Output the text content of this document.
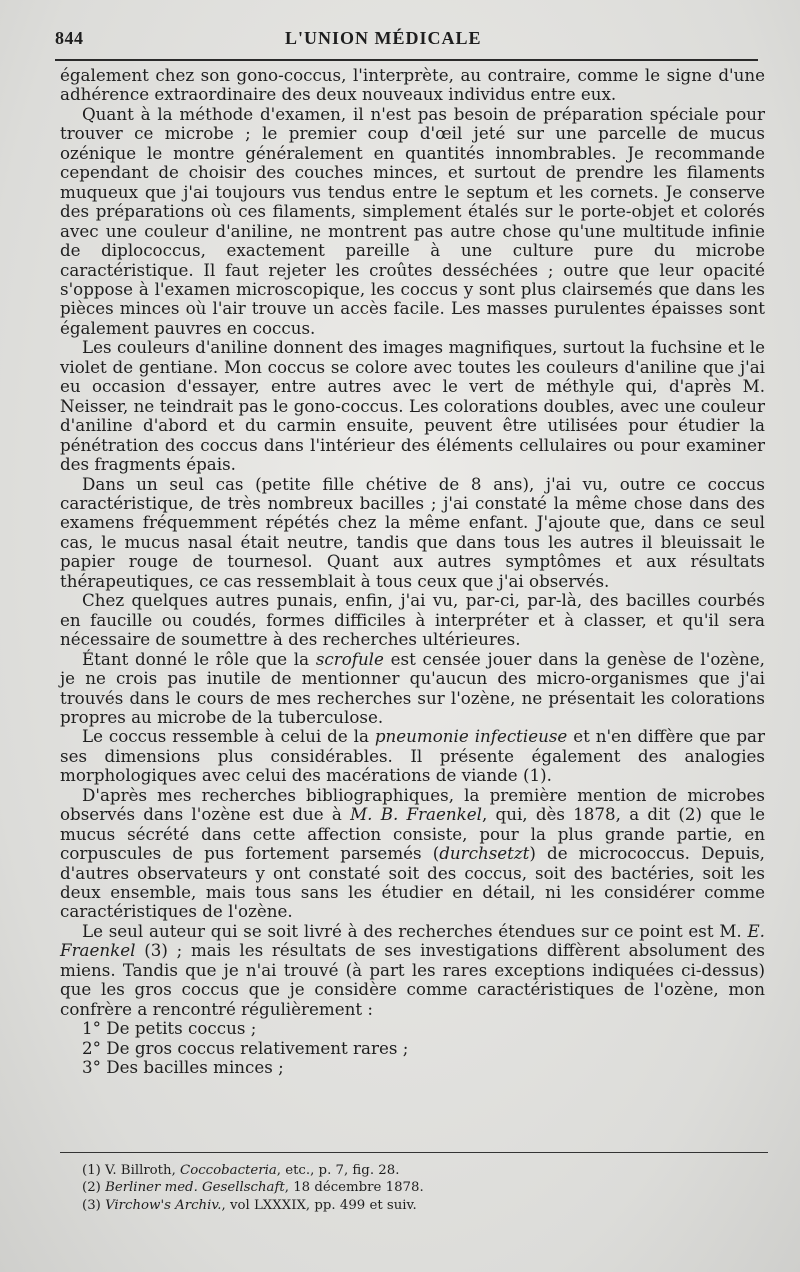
844	L'UNION MÉDICALE

également chez son gono-coccus, l'interprète, au contraire, comme le signe d'une adhérence extraordinaire des deux nouveaux individus entre eux.

Quant à la méthode d'examen, il n'est pas besoin de préparation spéciale pour trouver ce microbe ; le premier coup d'œil jeté sur une parcelle de mucus ozénique le montre généralement en quantités innombrables. Je recommande cependant de choisir des couches minces, et surtout de prendre les filaments muqueux que j'ai toujours vus tendus entre le septum et les cornets. Je conserve des préparations où ces filaments, simplement étalés sur le porte-objet et colorés avec une couleur d'aniline, ne montrent pas autre chose qu'une multitude infinie de diplococcus, exactement pareille à une culture pure du microbe caractéristique. Il faut rejeter les croûtes desséchées ; outre que leur opacité s'oppose à l'examen microscopique, les coccus y sont plus clairsemés que dans les pièces minces où l'air trouve un accès facile. Les masses purulentes épaisses sont également pauvres en coccus.

Les couleurs d'aniline donnent des images magnifiques, surtout la fuchsine et le violet de gentiane. Mon coccus se colore avec toutes les couleurs d'aniline que j'ai eu occasion d'essayer, entre autres avec le vert de méthyle qui, d'après M. Neisser, ne teindrait pas le gono-coccus. Les colorations doubles, avec une couleur d'aniline d'abord et du carmin ensuite, peuvent être utilisées pour étudier la pénétration des coccus dans l'intérieur des éléments cellulaires ou pour examiner des fragments épais.

Dans un seul cas (petite fille chétive de 8 ans), j'ai vu, outre ce coccus caractéristique, de très nombreux bacilles ; j'ai constaté la même chose dans des examens fréquemment répétés chez la même enfant. J'ajoute que, dans ce seul cas, le mucus nasal était neutre, tandis que dans tous les autres il bleuissait le papier rouge de tournesol. Quant aux autres symptômes et aux résultats thérapeutiques, ce cas ressemblait à tous ceux que j'ai observés.

Chez quelques autres punais, enfin, j'ai vu, par-ci, par-là, des bacilles courbés en faucille ou coudés, formes difficiles à interpréter et à classer, et qu'il sera nécessaire de soumettre à des recherches ultérieures.

Étant donné le rôle que la scrofule est censée jouer dans la genèse de l'ozène, je ne crois pas inutile de mentionner qu'aucun des micro-organismes que j'ai trouvés dans le cours de mes recherches sur l'ozène, ne présentait les colorations propres au microbe de la tuberculose.

Le coccus ressemble à celui de la pneumonie infectieuse et n'en diffère que par ses dimensions plus considérables. Il présente également des analogies morphologiques avec celui des macérations de viande (1).

D'après mes recherches bibliographiques, la première mention de microbes observés dans l'ozène est due à M. B. Fraenkel, qui, dès 1878, a dit (2) que le mucus sécrété dans cette affection consiste, pour la plus grande partie, en corpuscules de pus fortement parsemés (durchsetzt) de micrococcus. Depuis, d'autres observateurs y ont constaté soit des coccus, soit des bactéries, soit les deux ensemble, mais tous sans les étudier en détail, ni les considérer comme caractéristiques de l'ozène.

Le seul auteur qui se soit livré à des recherches étendues sur ce point est M. E. Fraenkel (3) ; mais les résultats de ses investigations diffèrent absolument des miens. Tandis que je n'ai trouvé (à part les rares exceptions indiquées ci-dessus) que les gros coccus que je considère comme caractéristiques de l'ozène, mon confrère a rencontré régulièrement :

1° De petits coccus ;
2° De gros coccus relativement rares ;
3° Des bacilles minces ;
(1) V. Billroth, Coccobacteria, etc., p. 7, fig. 28.
(2) Berliner med. Gesellschaft, 18 décembre 1878.
(3) Virchow's Archiv., vol LXXXIX, pp. 499 et suiv.
